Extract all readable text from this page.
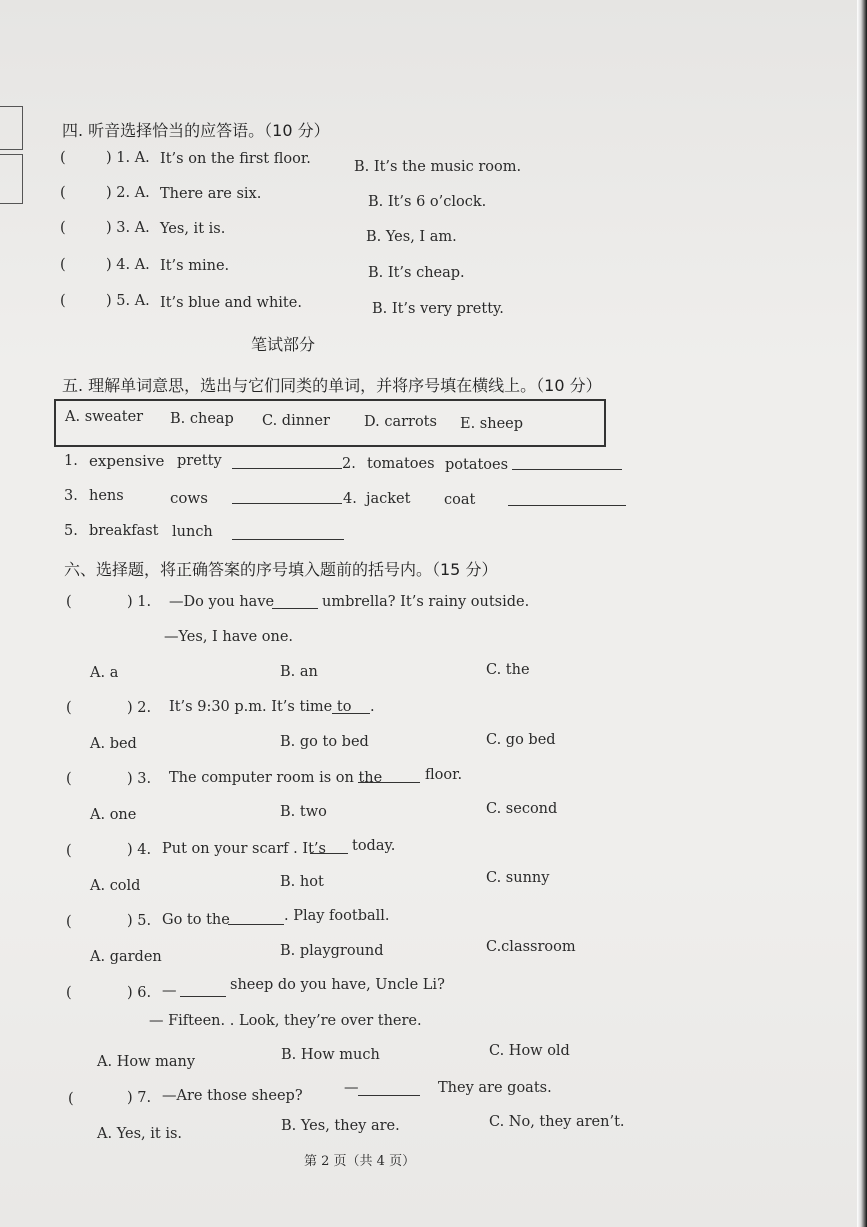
四. 听音选择恰当的应答语。（10 分）
(	) 1. A. It’s on the first floor.	B. It’s the music room.
(	) 2. A. There are six.	B. It’s 6 o’clock.
(	) 3. A. Yes, it is.	B. Yes, I am.
(	) 4. A. It’s mine.	B. It’s cheap.
(	) 5. A. It’s blue and white.	B. It’s very pretty.
笔试部分
五. 理解单词意思，选出与它们同类的单词，并将序号填在横线上。（10 分）
A. sweater B. cheap C. dinner D. carrots E. sheep
1. expensive pretty	2. tomatoes potatoes
3. hens	cows	4. jacket coat
5. breakfast lunch
六、选择题，将正确答案的序号填入题前的括号内。（15 分）
(	) 1. —Do you have	umbrella? It’s rainy outside.
—Yes, I have one.
A. a	B. an	C. the
(	) 2. It’s 9:30 p.m. It’s time to .
A. bed	B. go to bed	C. go bed
(	) 3. The computer room is on the	floor.
A. one	B. two	C. second
(	) 4. Put on your scarf . It’s today.
A. cold	B. hot	C. sunny
(	) 5. Go to the	. Play football.
A. garden	B. playground	C.classroom
(	) 6. —	sheep do you have, Uncle Li?
— Fifteen. . Look, they’re over there.
A. How many	B. How much	C. How old
(	) 7. —Are those sheep?	—	They are goats.
A. Yes, it is.	B. Yes, they are.	C. No, they aren’t.
第 2 页（共 4 页）
